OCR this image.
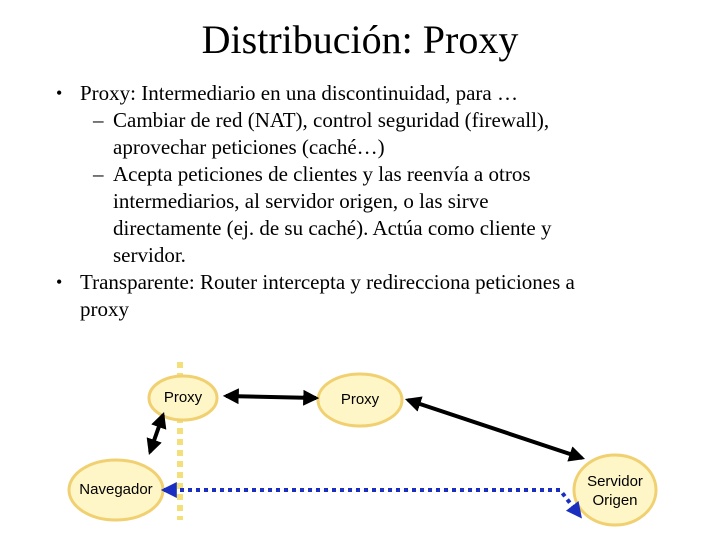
Distribución: Proxy
• Proxy: Intermediario en una discontinuidad, para …
– Cambiar de red (NAT), control seguridad (firewall),
aprovechar peticiones (caché…)
– Acepta peticiones de clientes y las reenvía a otros
intermediarios, al servidor origen, o las sirve
directamente (ej. de su caché). Actúa como cliente y
servidor.
• Transparente: Router intercepta y redirecciona peticiones a
proxy
Proxy	Proxy
Navegador	Servidor
Origen
